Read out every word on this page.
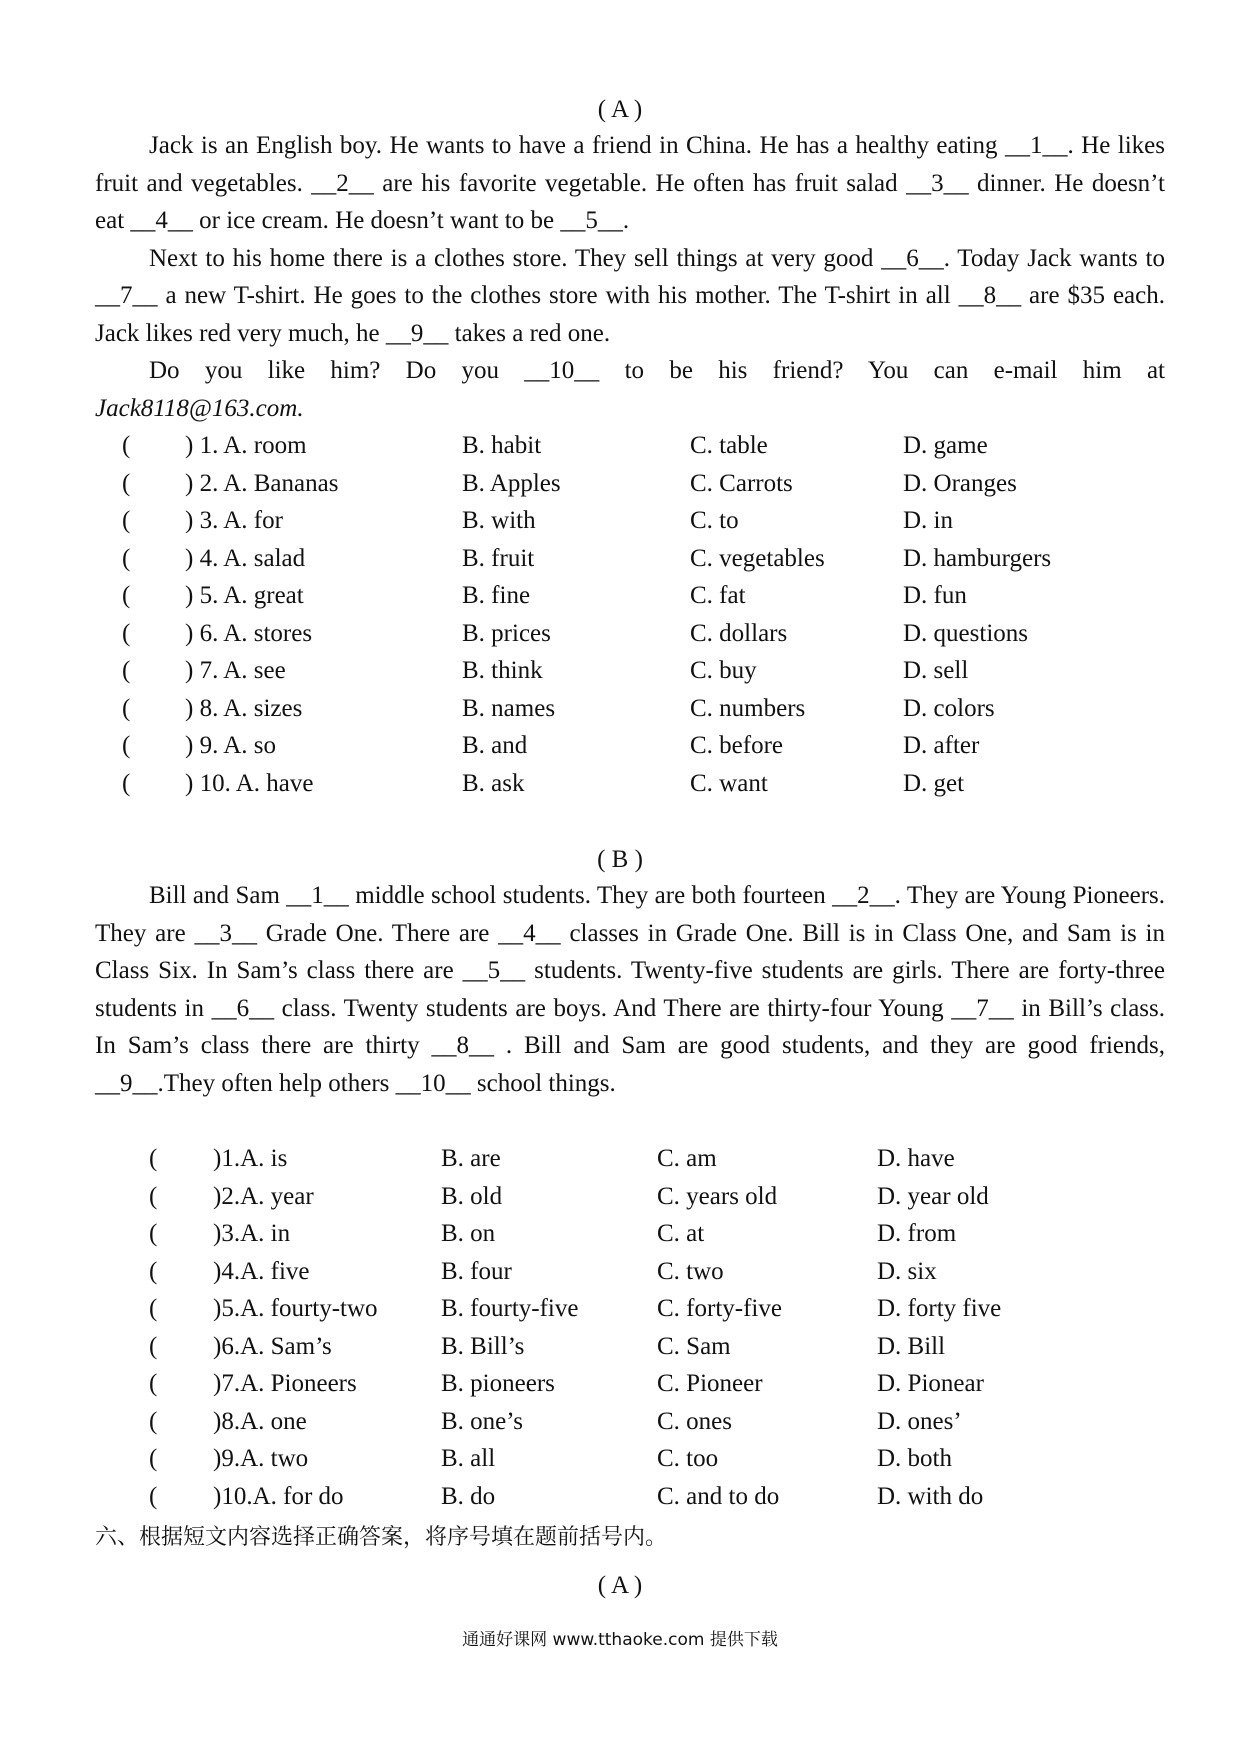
( A )

Jack is an English boy. He wants to have a friend in China. He has a healthy eating __1__. He likes fruit and vegetables. __2__ are his favorite vegetable. He often has fruit salad __3__ dinner. He doesn’t eat __4__ or ice cream. He doesn’t want to be __5__.

Next to his home there is a clothes store. They sell things at very good __6__. Today Jack wants to __7__ a new T-shirt. He goes to the clothes store with his mother. The T-shirt in all __8__ are $35 each. Jack likes red very much, he __9__ takes a red one.

Do you like him? Do you __10__ to be his friend? You can e-mail him at

Jack8118@163.com.

( ) 1. A. room	B. habit	C. table	D. game
( ) 2. A. Bananas	B. Apples	C. Carrots	D. Oranges
( ) 3. A. for	B. with	C. to	D. in
( ) 4. A. salad	B. fruit	C. vegetables	D. hamburgers
( ) 5. A. great	B. fine	C. fat	D. fun
( ) 6. A. stores	B. prices	C. dollars	D. questions
( ) 7. A. see	B. think	C. buy	D. sell
( ) 8. A. sizes	B. names	C. numbers	D. colors
( ) 9. A. so	B. and	C. before	D. after
( ) 10. A. have	B. ask	C. want	D. get
( B )

Bill and Sam __1__ middle school students. They are both fourteen __2__. They are Young Pioneers. They are __3__ Grade One. There are __4__ classes in Grade One. Bill is in Class One, and Sam is in Class Six. In Sam’s class there are __5__ students. Twenty-five students are girls. There are forty-three students in __6__ class. Twenty students are boys. And There are thirty-four Young __7__ in Bill’s class. In Sam’s class there are thirty __8__ . Bill and Sam are good students, and they are good friends, __9__.They often help others __10__ school things.

( )1.A. is	B. are	C. am	D. have
( )2.A. year	B. old	C. years old	D. year old
( )3.A. in	B. on	C. at	D. from
( )4.A. five	B. four	C. two	D. six
( )5.A. fourty-two	B. fourty-five	C. forty-five	D. forty five
( )6.A. Sam’s	B. Bill’s	C. Sam	D. Bill
( )7.A. Pioneers	B. pioneers	C. Pioneer	D. Pionear
( )8.A. one	B. one’s	C. ones	D. ones’
( )9.A. two	B. all	C. too	D. both
( )10.A. for do	B. do	C. and to do	D. with do
六、根据短文内容选择正确答案，将序号填在题前括号内。
( A )
通通好课网 www.tthaoke.com 提供下载
